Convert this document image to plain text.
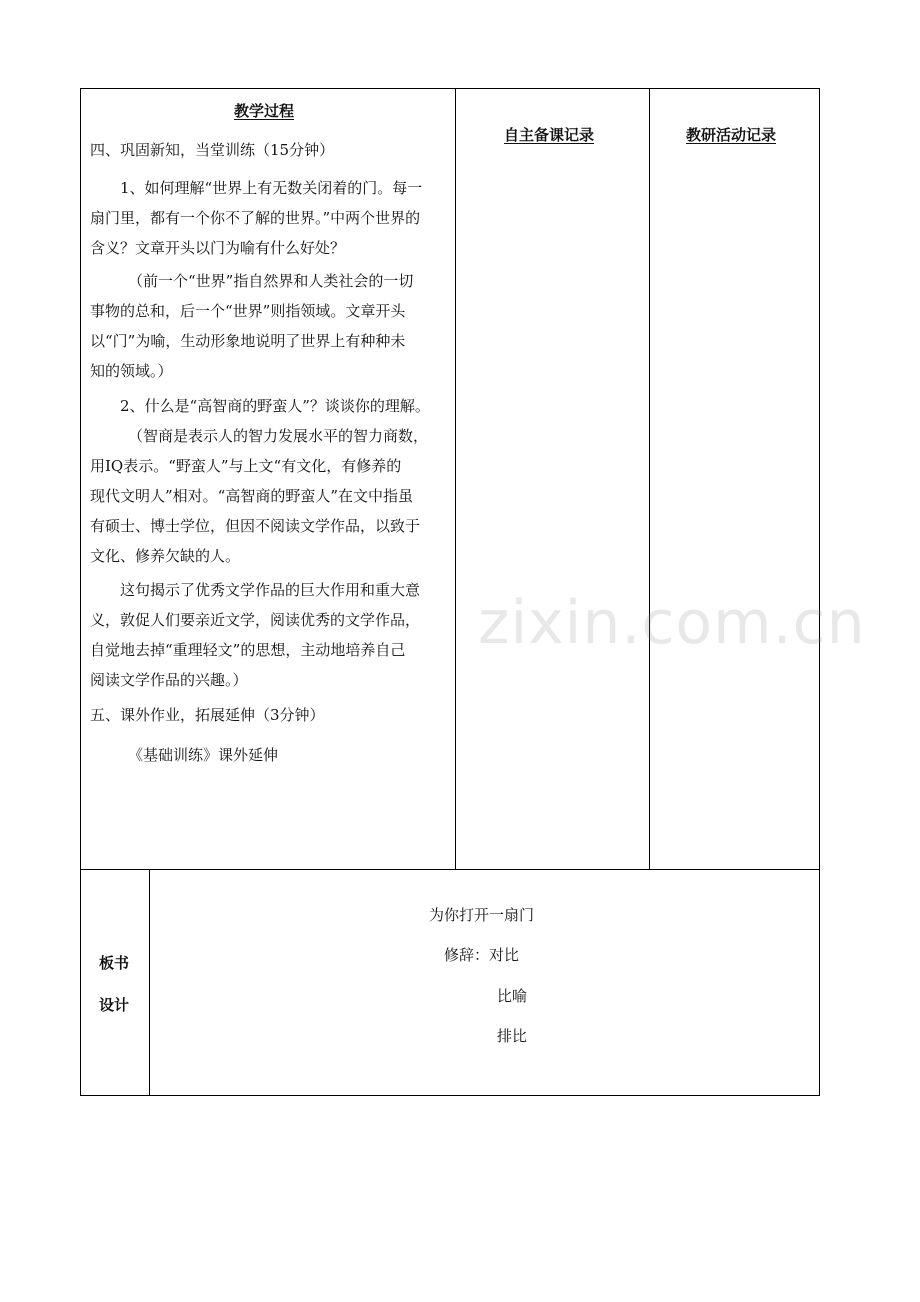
教学过程
自主备课记录	教研活动记录
四、巩固新知，当堂训练（15分钟）
1、如何理解“世界上有无数关闭着的门。每一
扇门里，都有一个你不了解的世界。”中两个世界的
含义？文章开头以门为喻有什么好处？
（前一个“世界”指自然界和人类社会的一切
事物的总和，后一个“世界”则指领域。文章开头
以“门”为喻，生动形象地说明了世界上有种种未
知的领域。）
2、什么是“高智商的野蛮人”？谈谈你的理解。
（智商是表示人的智力发展水平的智力商数，
用IQ表示。“野蛮人”与上文“有文化，有修养的
现代文明人”相对。“高智商的野蛮人”在文中指虽
有硕士、博士学位，但因不阅读文学作品，以致于
文化、修养欠缺的人。
这句揭示了优秀文学作品的巨大作用和重大意
义，敦促人们要亲近文学，阅读优秀的文学作品，
自觉地去掉“重理轻文”的思想，主动地培养自己
阅读文学作品的兴趣。）
五、课外作业，拓展延伸（3分钟）
《基础训练》课外延伸
板书
设计
为你打开一扇门
修辞：对比
比喻
排比
zixin.com.cn
